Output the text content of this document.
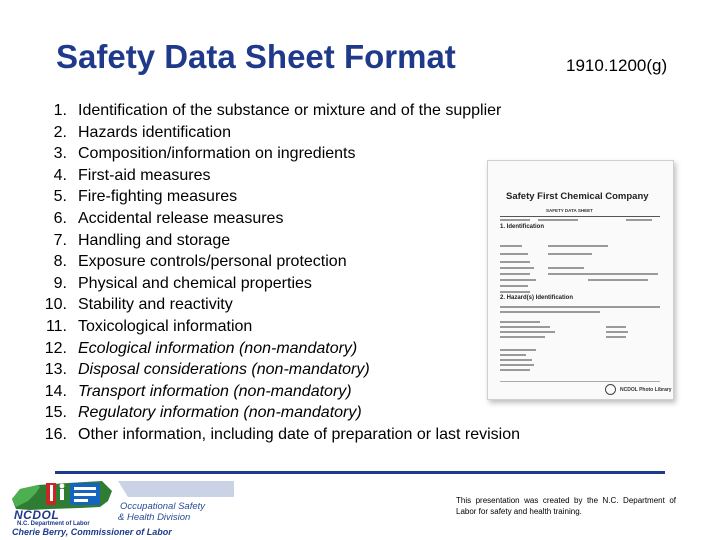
Safety Data Sheet Format	1910.1200(g)
1. Identification of the substance or mixture and of the supplier
2. Hazards identification
3. Composition/information on ingredients
4. First-aid measures
5. Fire-fighting measures
6. Accidental release measures
7. Handling and storage
8. Exposure controls/personal protection
9. Physical and chemical properties
10. Stability and reactivity
11. Toxicological information
12. Ecological information (non-mandatory)
13. Disposal considerations (non-mandatory)
14. Transport information (non-mandatory)
15. Regulatory information (non-mandatory)
16. Other information, including date of preparation or last revision
Safety First Chemical Company
SAFETY DATA SHEET
1. Identification
2. Hazard(s) Identification
NCDOL Photo Library
NCDOL
N.C. Department of Labor
Occupational Safety
& Health Division
Cherie Berry, Commissioner of Labor
This presentation was created by the N.C. Department of Labor for safety and health training.
